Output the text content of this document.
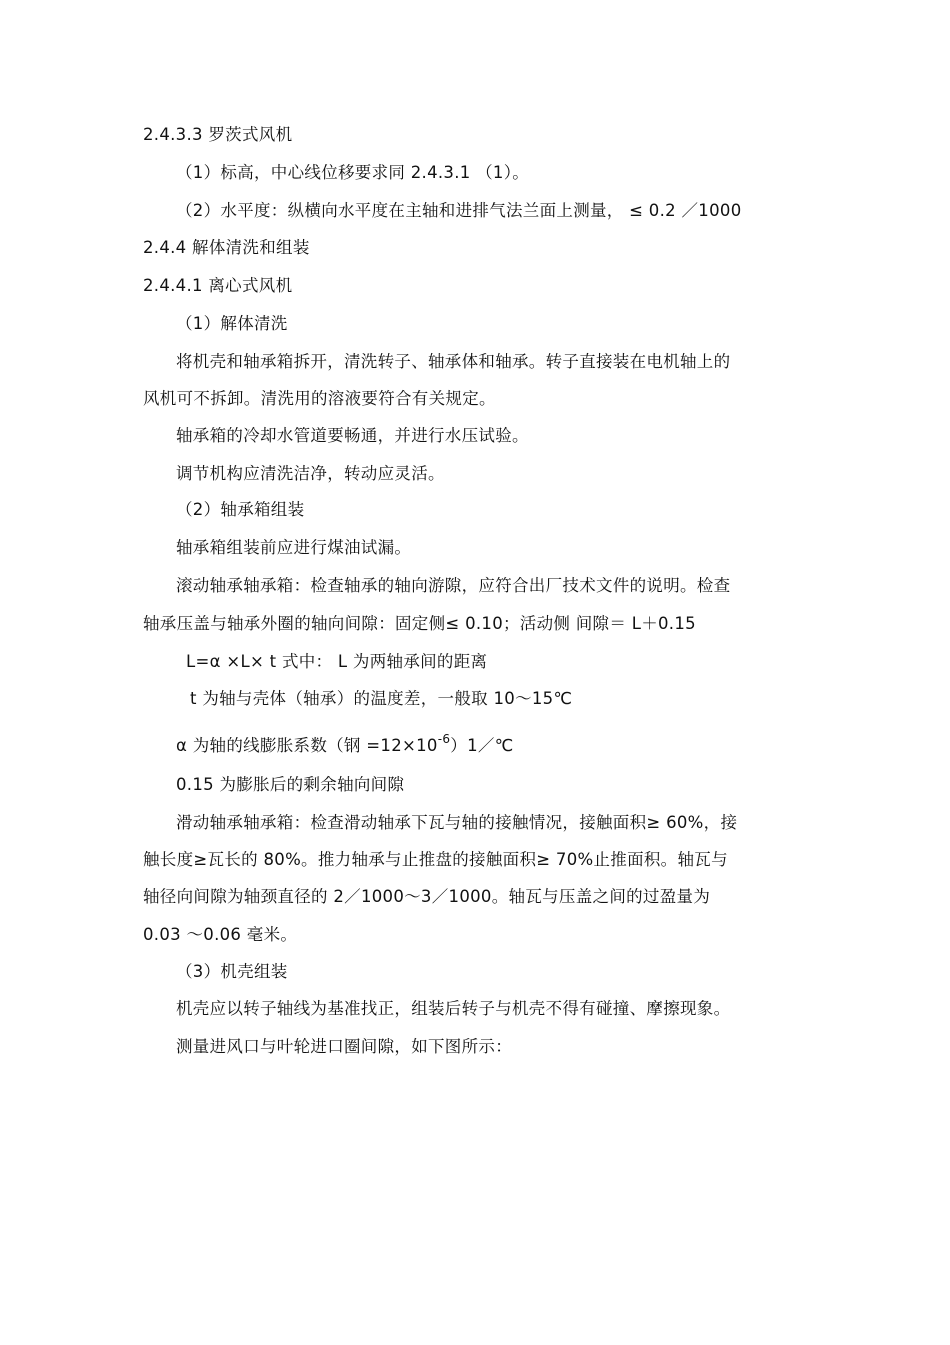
2.4.3.3 罗茨式风机
（1）标高，中心线位移要求同 2.4.3.1 （1）。
（2）水平度：纵横向水平度在主轴和进排气法兰面上测量， ≤ 0.2 ／1000
2.4.4 解体清洗和组装
2.4.4.1 离心式风机
（1）解体清洗
将机壳和轴承箱拆开，清洗转子、轴承体和轴承。转子直接装在电机轴上的
风机可不拆卸。清洗用的溶液要符合有关规定。
轴承箱的冷却水管道要畅通，并进行水压试验。
调节机构应清洗洁净，转动应灵活。
（2）轴承箱组装
轴承箱组装前应进行煤油试漏。
滚动轴承轴承箱：检查轴承的轴向游隙，应符合出厂技术文件的说明。检查
轴承压盖与轴承外圈的轴向间隙：固定侧≤ 0.10；活动侧 间隙＝ L＋0.15
L=α ×L× t 式中： L 为两轴承间的距离
t 为轴与壳体（轴承）的温度差，一般取 10～15℃
α 为轴的线膨胀系数（钢 $=12\times 10^{-6})1/℃$
0.15 为膨胀后的剩余轴向间隙
滑动轴承轴承箱：检查滑动轴承下瓦与轴的接触情况，接触面积≥ 60%，接
触长度≥瓦长的 80%。推力轴承与止推盘的接触面积≥ 70%止推面积。轴瓦与
轴径向间隙为轴颈直径的 2／1000～3／1000。轴瓦与压盖之间的过盈量为
0.03 ～0.06 毫米。
（3）机壳组装
机壳应以转子轴线为基准找正，组装后转子与机壳不得有碰撞、摩擦现象。
测量进风口与叶轮进口圈间隙，如下图所示：
